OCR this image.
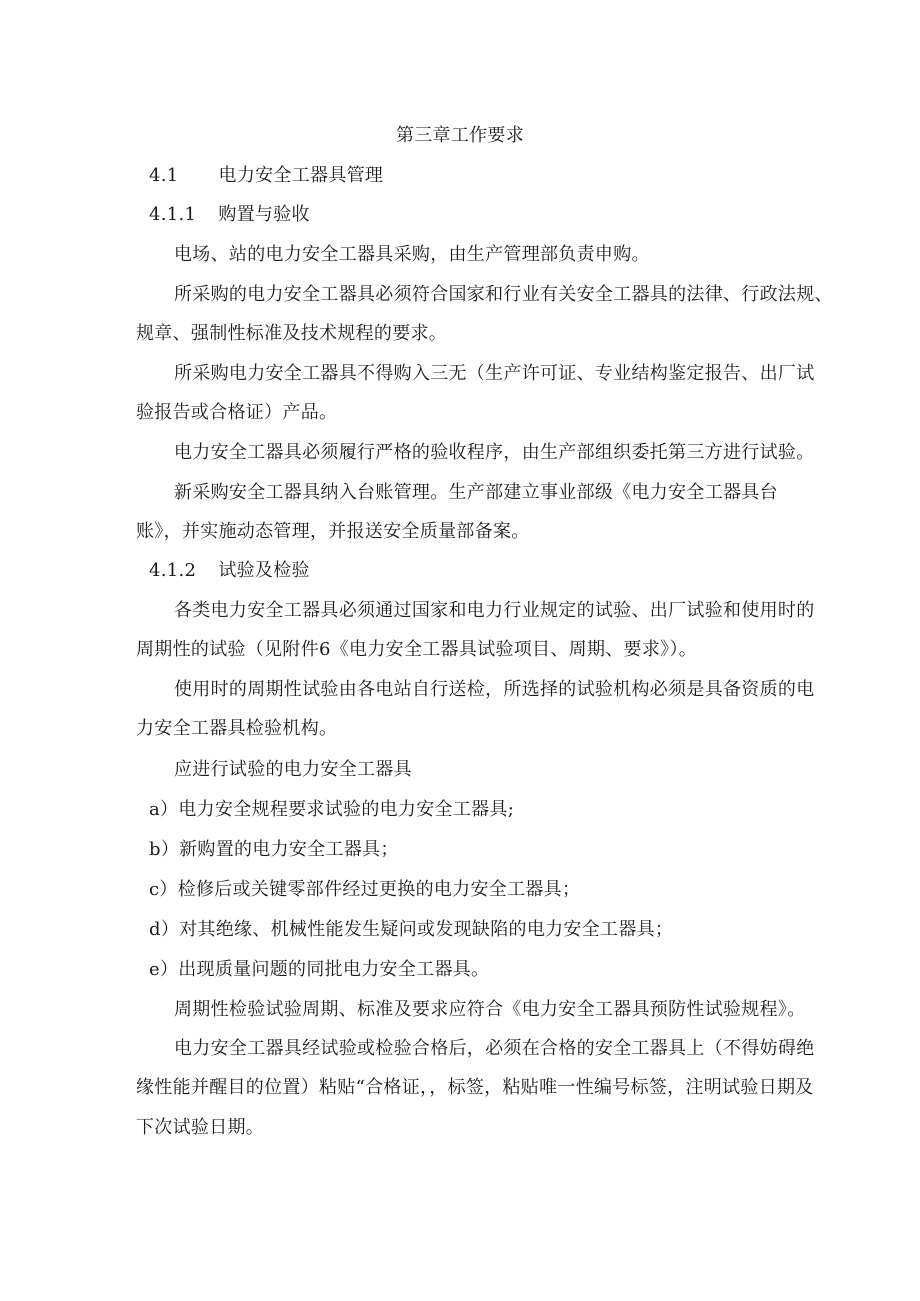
第三章工作要求
4.1 电力安全工器具管理
4.1.1 购置与验收
电场、站的电力安全工器具采购，由生产管理部负责申购。
所采购的电力安全工器具必须符合国家和行业有关安全工器具的法律、行政法规、
规章、强制性标准及技术规程的要求。
所采购电力安全工器具不得购入三无（生产许可证、专业结构鉴定报告、出厂试
验报告或合格证）产品。
电力安全工器具必须履行严格的验收程序，由生产部组织委托第三方进行试验。
新采购安全工器具纳入台账管理。生产部建立事业部级《电力安全工器具台
账》，并实施动态管理，并报送安全质量部备案。
4.1.2 试验及检验
各类电力安全工器具必须通过国家和电力行业规定的试验、出厂试验和使用时的
周期性的试验（见附件6《电力安全工器具试验项目、周期、要求》）。
使用时的周期性试验由各电站自行送检，所选择的试验机构必须是具备资质的电
力安全工器具检验机构。
应进行试验的电力安全工器具
a）电力安全规程要求试验的电力安全工器具;
b）新购置的电力安全工器具；
c）检修后或关键零部件经过更换的电力安全工器具；
d）对其绝缘、机械性能发生疑问或发现缺陷的电力安全工器具；
e）出现质量问题的同批电力安全工器具。
周期性检验试验周期、标准及要求应符合《电力安全工器具预防性试验规程》。
电力安全工器具经试验或检验合格后，必须在合格的安全工器具上（不得妨碍绝
缘性能并醒目的位置）粘贴“合格证，，标签，粘贴唯一性编号标签，注明试验日期及
下次试验日期。
